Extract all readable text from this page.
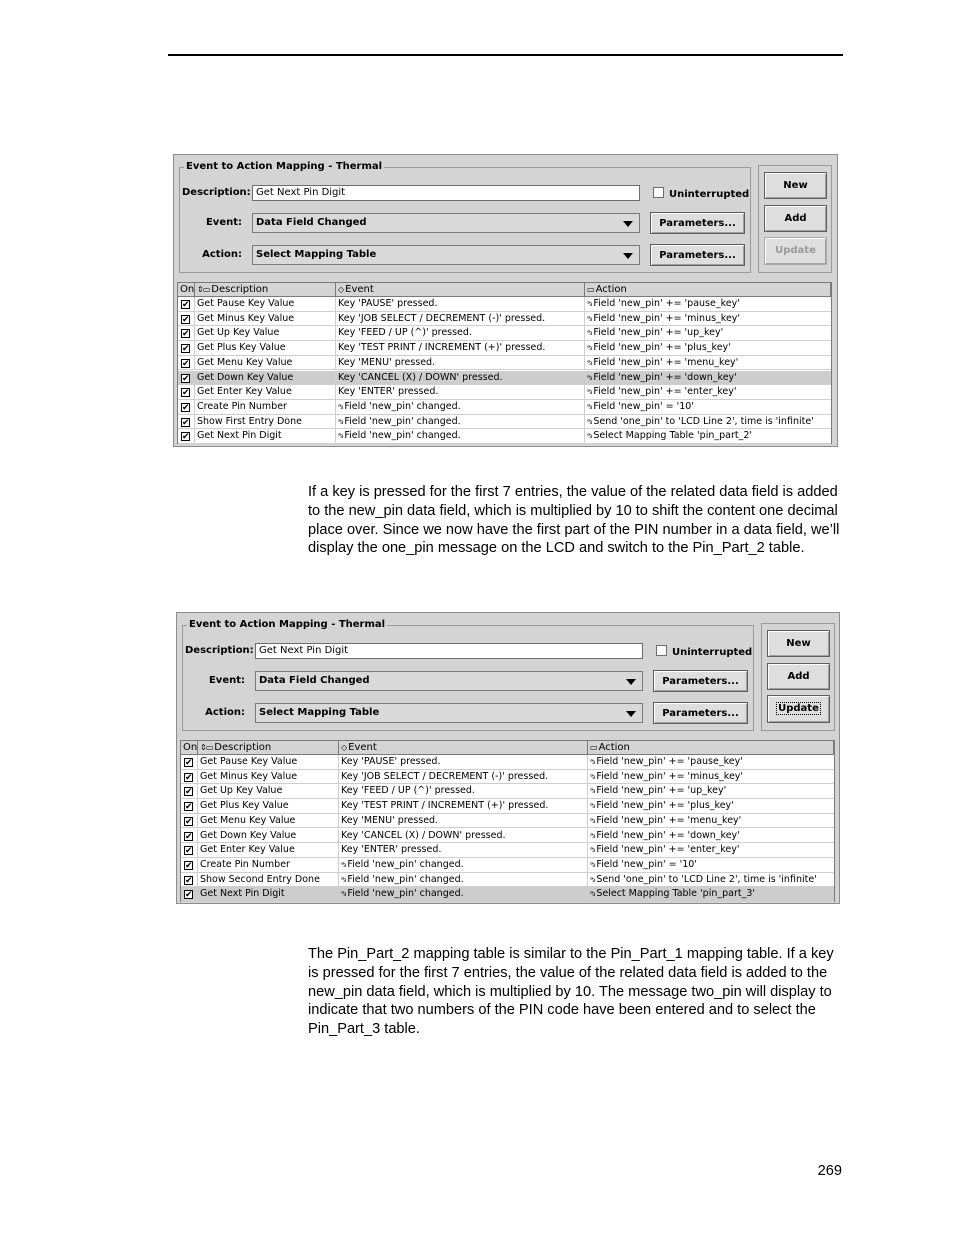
Event to Action Mapping - Thermal
Description: Get Next Pin Digit	Uninterrupted
Event:	Data Field Changed	Parameters...
Action:	Select Mapping Table	Parameters...
New
Add
Update
On ⇕▭ Description	◇ Event	▭ Action
✔ Get Pause Key Value	Key 'PAUSE' pressed.	ᵃ₃ Field 'new_pin' += 'pause_key'
✔ Get Minus Key Value	Key 'JOB SELECT / DECREMENT (-)' pressed.	ᵃ₃ Field 'new_pin' += 'minus_key'
✔ Get Up Key Value	Key 'FEED / UP (^)' pressed.	ᵃ₃ Field 'new_pin' += 'up_key'
✔ Get Plus Key Value	Key 'TEST PRINT / INCREMENT (+)' pressed.	ᵃ₃ Field 'new_pin' += 'plus_key'
✔ Get Menu Key Value	Key 'MENU' pressed.	ᵃ₃ Field 'new_pin' += 'menu_key'
✔ Get Down Key Value	Key 'CANCEL (X) / DOWN' pressed.	ᵃ₃ Field 'new_pin' += 'down_key'
✔ Get Enter Key Value	Key 'ENTER' pressed.	ᵃ₃ Field 'new_pin' += 'enter_key'
✔ Create Pin Number	ᵃ₃ Field 'new_pin' changed.	ᵃ₃ Field 'new_pin' = '10'
✔ Show First Entry Done	ᵃ₃ Field 'new_pin' changed.	ᵃ₃ Send 'one_pin' to 'LCD Line 2', time is 'infinite'
✔ Get Next Pin Digit	ᵃ₃ Field 'new_pin' changed.	ᵃ₃ Select Mapping Table 'pin_part_2'

If a key is pressed for the first 7 entries, the value of the related data field is added to the new_pin data field, which is multiplied by 10 to shift the content one decimal place over. Since we now have the first part of the PIN number in a data field, we’ll display the one_pin message on the LCD and switch to the Pin_Part_2 table.

Event to Action Mapping - Thermal
Description: Get Next Pin Digit	Uninterrupted
Event:	Data Field Changed	Parameters...
Action:	Select Mapping Table	Parameters...
New
Add
Update
On ⇕▭ Description	◇ Event	▭ Action
✔ Get Pause Key Value	Key 'PAUSE' pressed.	ᵃ₃ Field 'new_pin' += 'pause_key'
✔ Get Minus Key Value	Key 'JOB SELECT / DECREMENT (-)' pressed.	ᵃ₃ Field 'new_pin' += 'minus_key'
✔ Get Up Key Value	Key 'FEED / UP (^)' pressed.	ᵃ₃ Field 'new_pin' += 'up_key'
✔ Get Plus Key Value	Key 'TEST PRINT / INCREMENT (+)' pressed.	ᵃ₃ Field 'new_pin' += 'plus_key'
✔ Get Menu Key Value	Key 'MENU' pressed.	ᵃ₃ Field 'new_pin' += 'menu_key'
✔ Get Down Key Value	Key 'CANCEL (X) / DOWN' pressed.	ᵃ₃ Field 'new_pin' += 'down_key'
✔ Get Enter Key Value	Key 'ENTER' pressed.	ᵃ₃ Field 'new_pin' += 'enter_key'
✔ Create Pin Number	ᵃ₃ Field 'new_pin' changed.	ᵃ₃ Field 'new_pin' = '10'
✔ Show Second Entry Done	ᵃ₃ Field 'new_pin' changed.	ᵃ₃ Send 'one_pin' to 'LCD Line 2', time is 'infinite'
✔ Get Next Pin Digit	ᵃ₃ Field 'new_pin' changed.	ᵃ₃ Select Mapping Table 'pin_part_3'

The Pin_Part_2 mapping table is similar to the Pin_Part_1 mapping table. If a key is pressed for the first 7 entries, the value of the related data field is added to the new_pin data field, which is multiplied by 10. The message two_pin will display to indicate that two numbers of the PIN code have been entered and to select the Pin_Part_3 table.

269
